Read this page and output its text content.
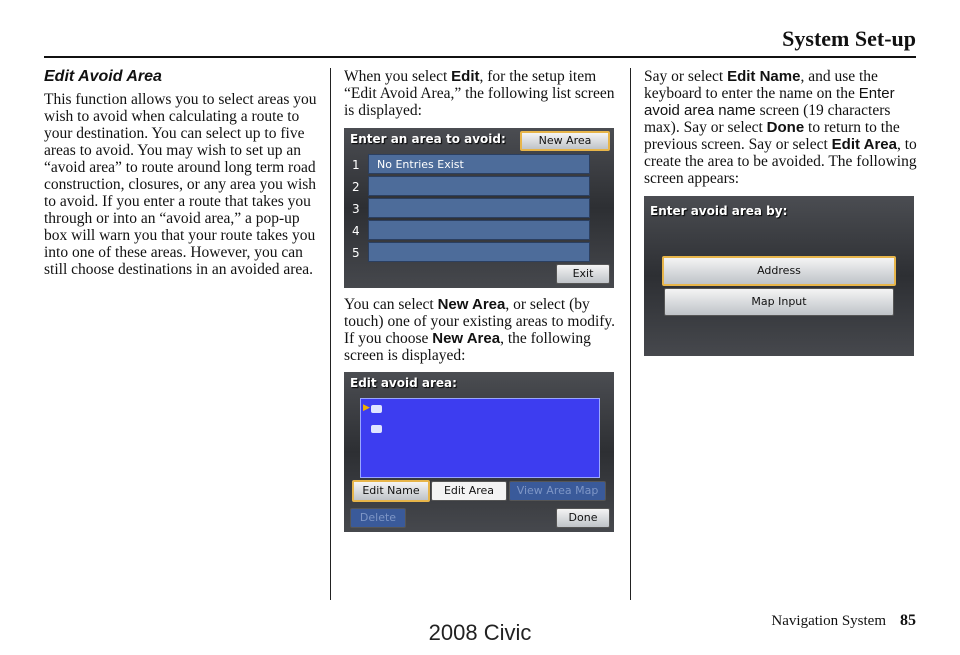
System Set-up
Edit Avoid Area

This function allows you to select areas you wish to avoid when calculating a route to your destination. You can select up to five areas to avoid. You may wish to set up an “avoid area” to route around long term road construction, closures, or any area you wish to avoid. If you enter a route that takes you through or into an “avoid area,” a pop-up box will warn you that your route takes you into one of these areas. However, you can still choose destinations in an avoided area.

When you select Edit, for the setup item “Edit Avoid Area,” the following list screen is displayed:

You can select New Area, or select (by touch) one of your existing areas to modify. If you choose New Area, the following screen is displayed:

Say or select Edit Name, and use the keyboard to enter the name on the Enter avoid area name screen (19 characters max). Say or select Done to return to the previous screen. Say or select Edit Area, to create the area to be avoided. The following screen appears:

Enter an area to avoid:	New Area
1
2
3
4
5
No Entries Exist
Exit
Edit avoid area:
▶
Edit Name	Edit Area	View Area Map
Delete	Done
Enter avoid area by:
Address
Map Input
Navigation System 85
2008 Civic
